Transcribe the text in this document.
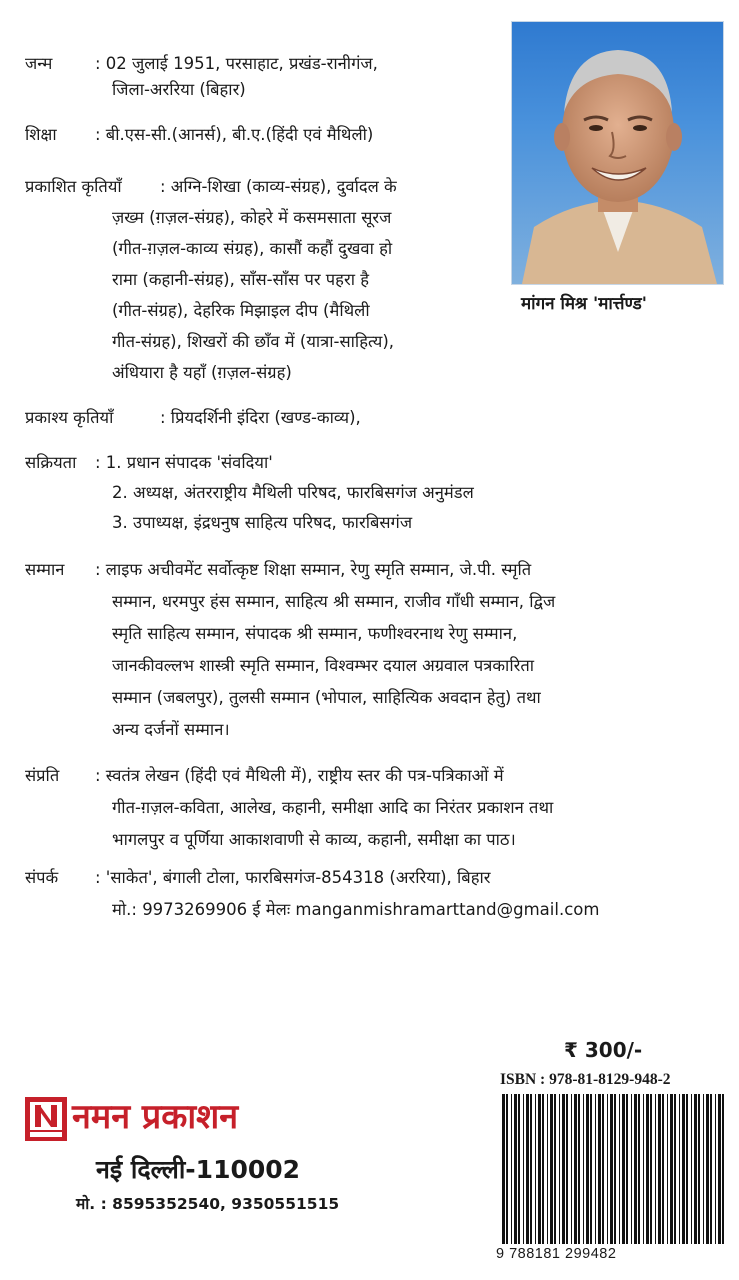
मांगन मिश्र 'मार्त्तण्ड'
जन्म	: 02 जुलाई 1951, परसाहाट, प्रखंड-रानीगंज,
जिला-अररिया (बिहार)
शिक्षा : बी.एस-सी.(आनर्स), बी.ए.(हिंदी एवं मैथिली)
प्रकाशित कृतियाँ : अग्नि-शिखा (काव्य-संग्रह), दुर्वादल के
ज़ख्म (ग़ज़ल-संग्रह), कोहरे में कसमसाता सूरज
(गीत-ग़ज़ल-काव्य संग्रह), कासौं कहौं दुखवा हो
रामा (कहानी-संग्रह), साँस-साँस पर पहरा है
(गीत-संग्रह), देहरिक मिझाइल दीप (मैथिली
गीत-संग्रह), शिखरों की छाँव में (यात्रा-साहित्य),
अंधियारा है यहाँ (ग़ज़ल-संग्रह)
प्रकाश्य कृतियाँ	: प्रियदर्शिनी इंदिरा (खण्ड-काव्य),
सक्रियता : 1. प्रधान संपादक 'संवदिया'
2. अध्यक्ष, अंतरराष्ट्रीय मैथिली परिषद, फारबिसगंज अनुमंडल
3. उपाध्यक्ष, इंद्रधनुष साहित्य परिषद, फारबिसगंज
सम्मान : लाइफ अचीवमेंट सर्वोत्कृष्ट शिक्षा सम्मान, रेणु स्मृति सम्मान, जे.पी. स्मृति
सम्मान, धरमपुर हंस सम्मान, साहित्य श्री सम्मान, राजीव गाँधी सम्मान, द्विज
स्मृति साहित्य सम्मान, संपादक श्री सम्मान, फणीश्वरनाथ रेणु सम्मान,
जानकीवल्लभ शास्त्री स्मृति सम्मान, विश्वम्भर दयाल अग्रवाल पत्रकारिता
सम्मान (जबलपुर), तुलसी सम्मान (भोपाल, साहित्यिक अवदान हेतु) तथा
अन्य दर्जनों सम्मान।
संप्रति : स्वतंत्र लेखन (हिंदी एवं मैथिली में), राष्ट्रीय स्तर की पत्र-पत्रिकाओं में
गीत-ग़ज़ल-कविता, आलेख, कहानी, समीक्षा आदि का निरंतर प्रकाशन तथा
भागलपुर व पूर्णिया आकाशवाणी से काव्य, कहानी, समीक्षा का पाठ।
संपर्क : 'साकेत', बंगाली टोला, फारबिसगंज-854318 (अररिया), बिहार
मो.: 9973269906 ई मेलः manganmishramarttand@gmail.com
₹ 300/-
ISBN : 978-81-8129-948-2
9 788181 299482
नमन प्रकाशन
नई दिल्ली-110002
मो. : 8595352540, 9350551515
